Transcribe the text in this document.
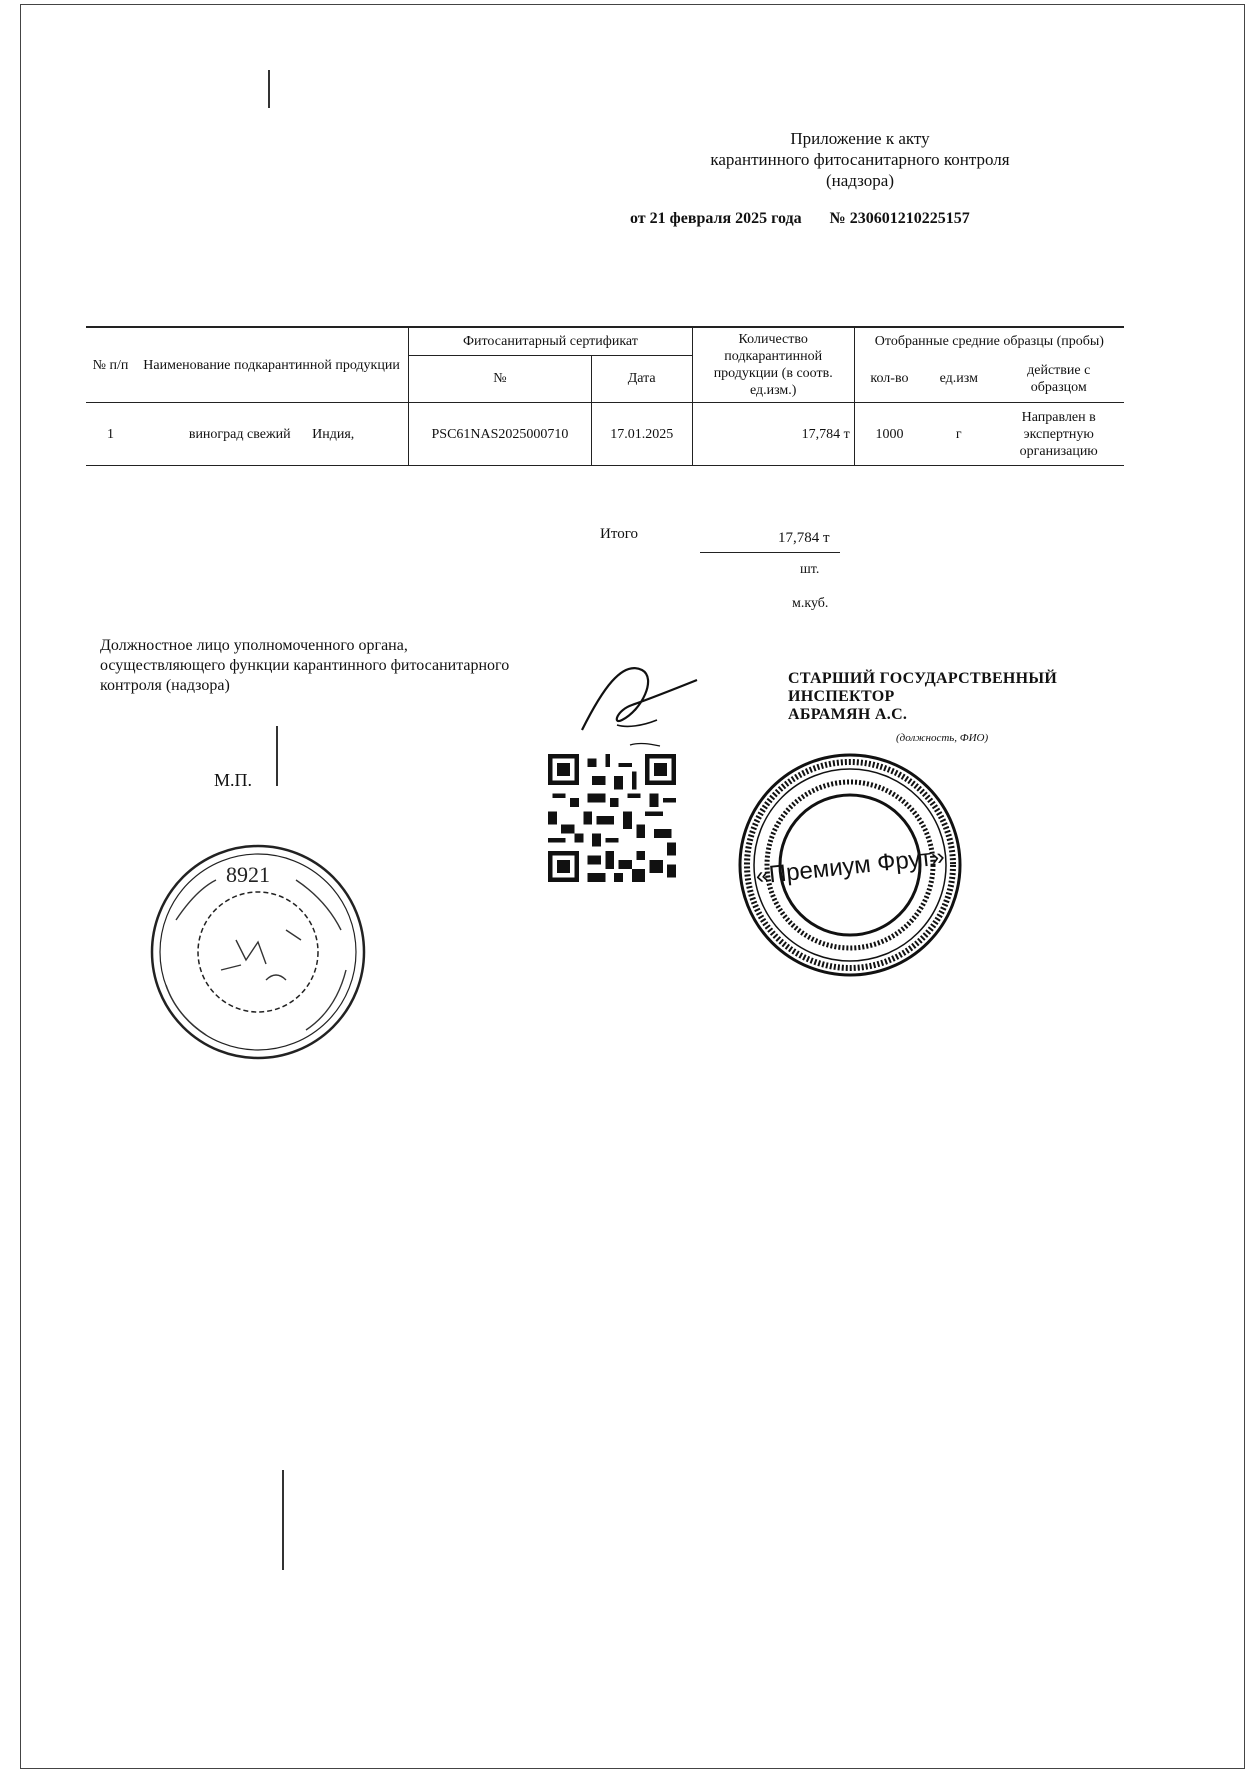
Приложение к акту
карантинного фитосанитарного контроля
(надзора)
от 21 февраля 2025 года № 230601210225157
№ п/п	Наименование подкарантинной продукции	Фитосанитарный сертификат		Количество подкарантинной продукции (в соотв. ед.изм.)	Отобранные средние образцы (пробы)		
		№	Дата		кол-во	ед.изм	действие с образцом
1	виноград свежий Индия,	PSC61NAS2025000710	17.01.2025	17,784 т	1000	г	Направлен в экспертную организацию
Итого	17,784 т
шт.
м.куб.
Должностное лицо уполномоченного органа, осуществляющего функции карантинного фитосанитарного контроля (надзора)	СТАРШИЙ ГОСУДАРСТВЕННЫЙ
ИНСПЕКТОР
АБРАМЯН А.С.
(должность, ФИО)
М.П.
8921	«Премиум Фрут»
